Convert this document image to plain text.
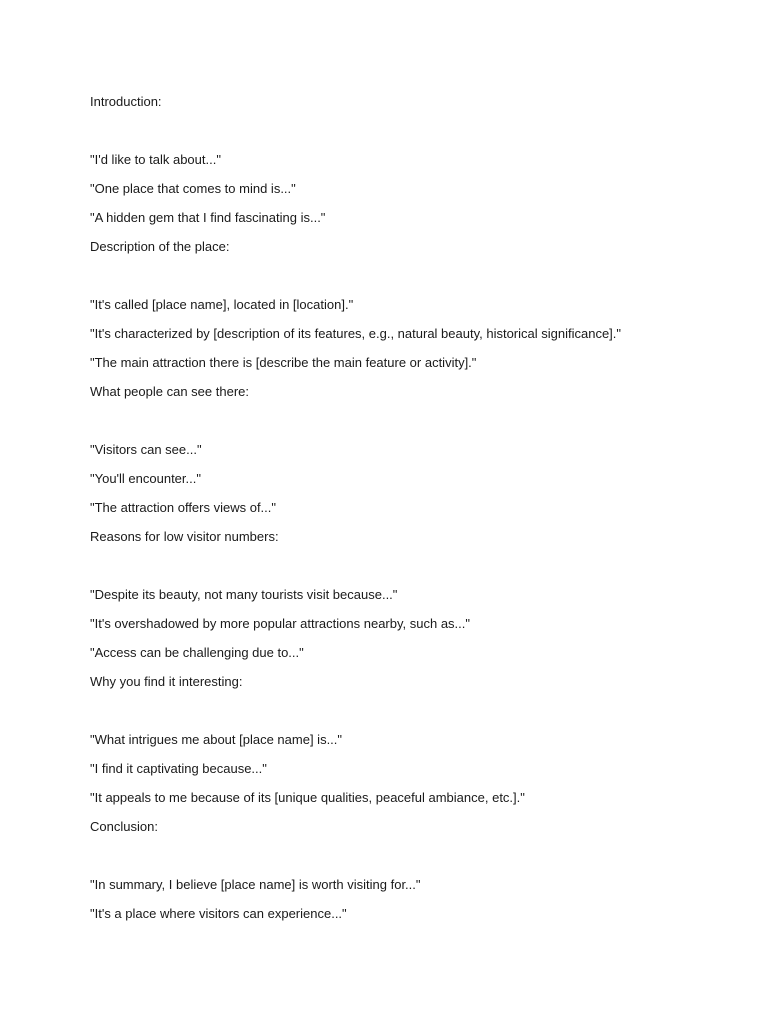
Introduction:
"I'd like to talk about..."
"One place that comes to mind is..."
"A hidden gem that I find fascinating is..."
Description of the place:
"It's called [place name], located in [location]."
"It's characterized by [description of its features, e.g., natural beauty, historical significance]."
"The main attraction there is [describe the main feature or activity]."
What people can see there:
"Visitors can see..."
"You'll encounter..."
"The attraction offers views of..."
Reasons for low visitor numbers:
"Despite its beauty, not many tourists visit because..."
"It's overshadowed by more popular attractions nearby, such as..."
"Access can be challenging due to..."
Why you find it interesting:
"What intrigues me about [place name] is..."
"I find it captivating because..."
"It appeals to me because of its [unique qualities, peaceful ambiance, etc.]."
Conclusion:
"In summary, I believe [place name] is worth visiting for..."
"It's a place where visitors can experience..."
